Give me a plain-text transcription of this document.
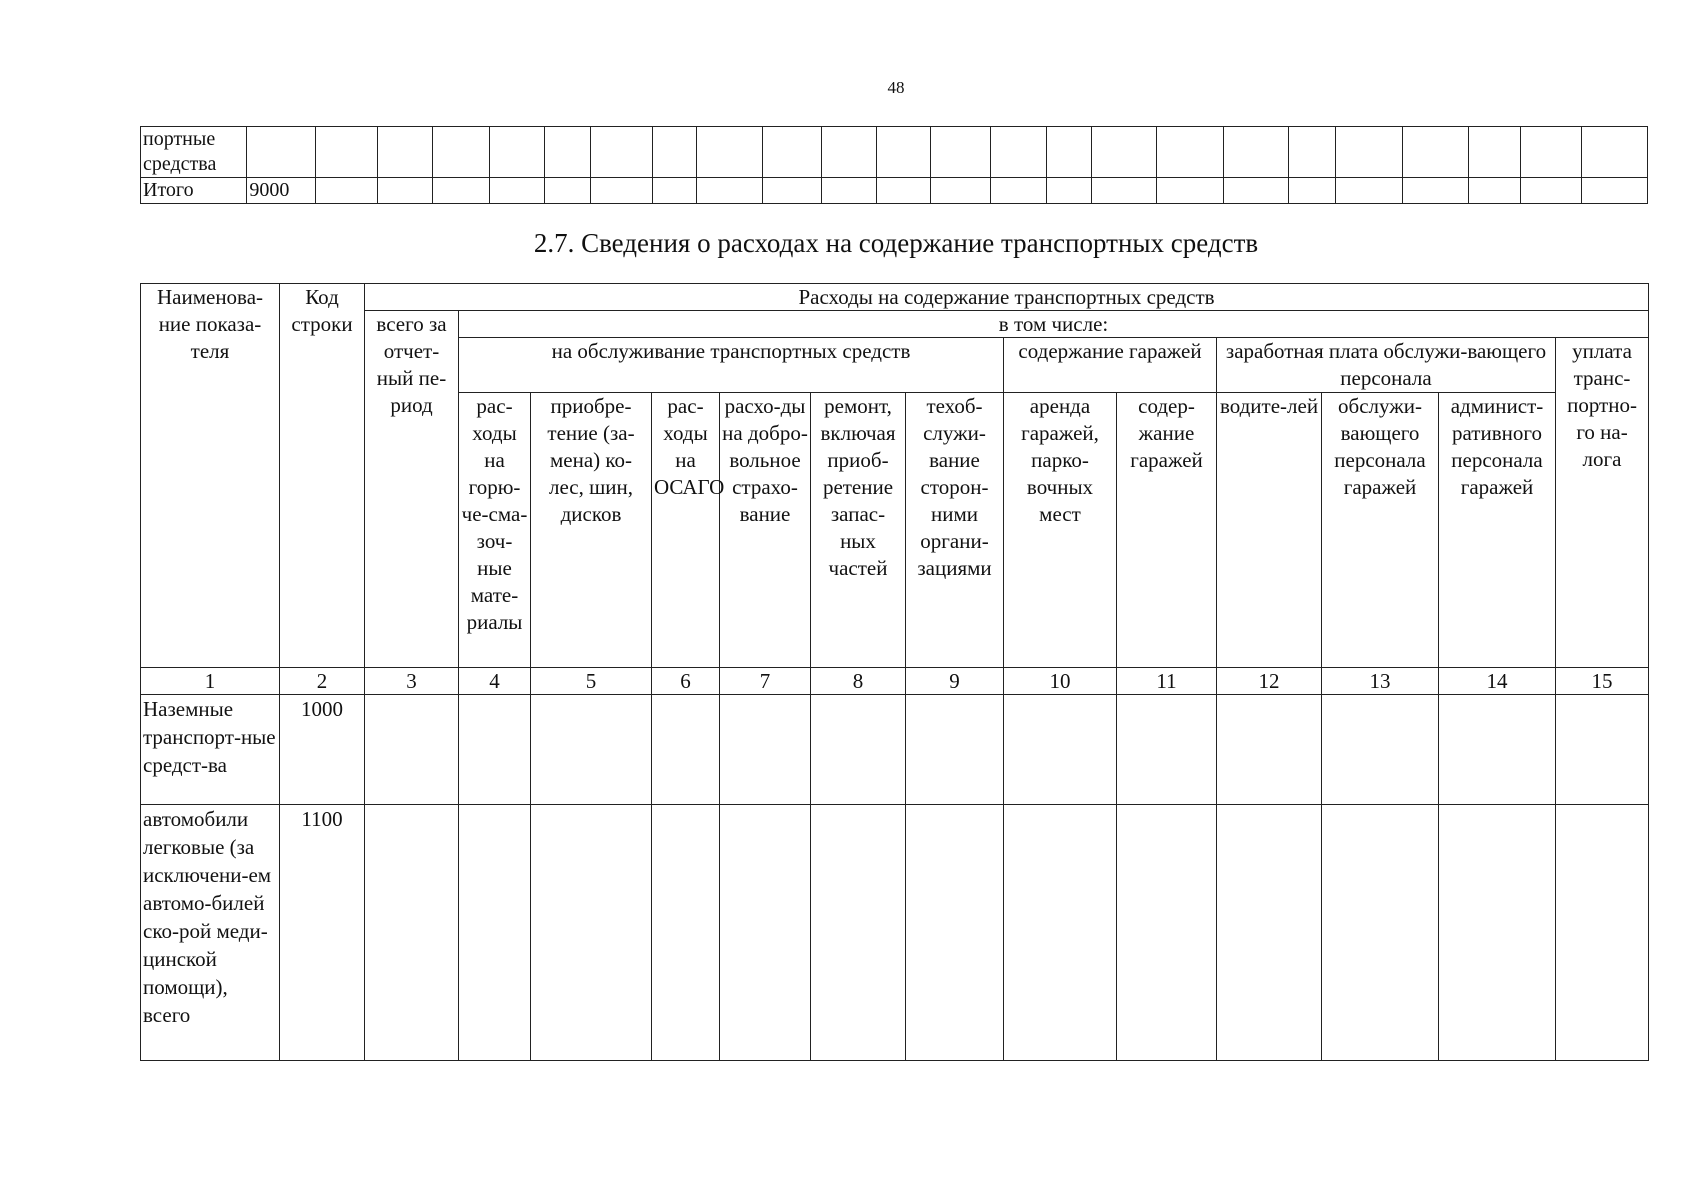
48
портные средства																								
Итого	9000																							
2.7. Сведения о расходах на содержание транспортных средств
Наименова-ние показа-теля	Код строки	Расходы на содержание транспортных средств												
		всего за отчет-ный пе-риод	в том числе:											
			на обслуживание транспортных средств						содержание гаражей		заработная плата обслужи-вающего персонала			уплата транс-портно-го на-лога
			рас-ходы на горю-че-сма-зоч-ные мате-риалы	приобре-тение (за-мена) ко-лес, шин, дисков	рас-ходы на ОСАГО	расхо-ды на добро-вольное страхо-вание	ремонт, включая приоб-ретение запас-ных частей	техоб-служи-вание сторон-ними органи-зациями	аренда гаражей, парко-вочных мест	содер-жание гаражей	водите-лей	обслужи-вающего персонала гаражей	админист-ративного персонала гаражей	
1	2	3	4	5	6	7	8	9	10	11	12	13	14	15
Наземные транспорт-ные средст-ва	1000													
автомобили легковые (за исключени-ем автомо-билей ско-рой меди-цинской помощи), всего	1100													
